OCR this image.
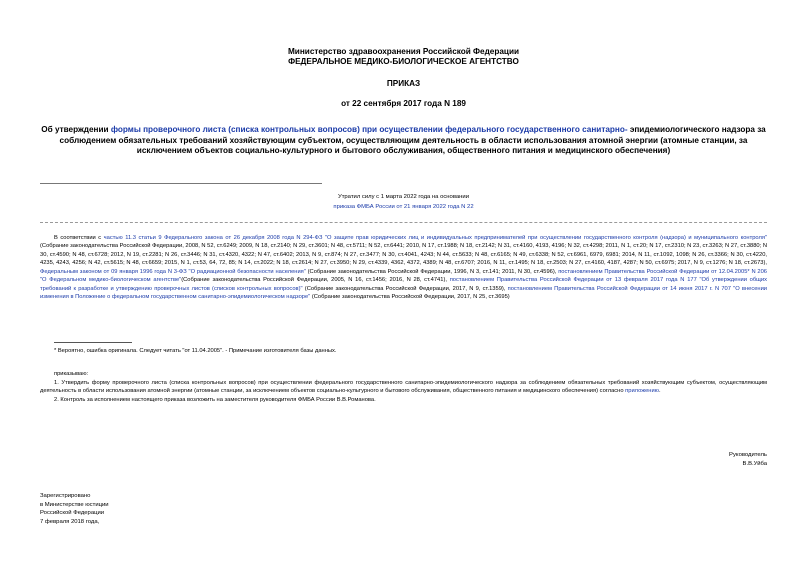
Министерство здравоохранения Российской Федерации
ФЕДЕРАЛЬНОЕ МЕДИКО-БИОЛОГИЧЕСКОЕ АГЕНТСТВО
ПРИКАЗ
от 22 сентября 2017 года N 189
Об утверждении формы проверочного листа (списка контрольных вопросов) при осуществлении федерального государственного санитарно- эпидемиологического надзора за соблюдением обязательных требований хозяйствующим субъектом, осуществляющим деятельность в области использования атомной энергии (атомные станции, за исключением объектов социально-культурного и бытового обслуживания, общественного питания и медицинского обеспечения)
Утратил силу с 1 марта 2022 года на основании
приказа ФМБА России от 21 января 2022 года N 22

В соответствии с частью 11.3 статьи 9 Федерального закона от 26 декабря 2008 года N 294-ФЗ "О защите прав юридических лиц и индивидуальных предпринимателей при осуществлении государственного контроля (надзора) и муниципального контроля" (Собрание законодательства Российской Федерации, 2008, N 52, ст.6249; 2009, N 18, ст.2140; N 29, ст.3601; N 48, ст.5711; N 52, ст.6441; 2010, N 17, ст.1988; N 18, ст.2142; N 31, ст.4160, 4193, 4196; N 32, ст.4298; 2011, N 1, ст.20; N 17, ст.2310; N 23, ст.3263; N 27, ст.3880; N 30, ст.4590; N 48, ст.6728; 2012, N 19, ст.2281; N 26, ст.3446; N 31, ст.4320, 4322; N 47, ст.6402; 2013, N 9, ст.874; N 27, ст.3477; N 30, ст.4041, 4243; N 44, ст.5633; N 48, ст.6165; N 49, ст.6338; N 52, ст.6961, 6979, 6981; 2014, N 11, ст.1092, 1098; N 26, ст.3366; N 30, ст.4220, 4235, 4243, 4256; N 42, ст.5615; N 48, ст.6659; 2015, N 1, ст.53, 64, 72, 85; N 14, ст.2022; N 18, ст.2614; N 27, ст.3950; N 29, ст.4339, 4362, 4372, 4389; N 48, ст.6707; 2016, N 11, ст.1495; N 18, ст.2503; N 27, ст.4160, 4187, 4287; N 50, ст.6975; 2017, N 9, ст.1276; N 18, ст.2673), Федеральным законом от 09 января 1996 года N 3-ФЗ "О радиационной безопасности населения" (Собрание законодательства Российской Федерации, 1996, N 3, ст.141; 2011, N 30, ст.4596), постановлением Правительства Российской Федерации от 12.04.2005* N 206 "О Федеральном медико-биологическом агентстве"(Собрание законодательства Российской Федерации, 2005, N 16, ст.1456; 2016, N 28, ст.4741), постановлением Правительства Российской Федерации от 13 февраля 2017 года N 177 "Об утверждении общих требований к разработке и утверждению проверочных листов (списков контрольных вопросов)" (Собрание законодательства Российской Федерации, 2017, N 9, ст.1359), постановлением Правительства Российской Федерации от 14 июня 2017 г. N 707 "О внесении изменения в Положение о федеральном государственном санитарно-эпидемиологическом надзоре" (Собрание законодательства Российской Федерации, 2017, N 25, ст.3695)

* Вероятно, ошибка оригинала. Следует читать "от 11.04.2005". - Примечание изготовителя базы данных.
приказываю:

1. Утвердить форму проверочного листа (списка контрольных вопросов) при осуществлении федерального государственного санитарно-эпидемиологического надзора за соблюдением обязательных требований хозяйствующим субъектом, осуществляющим деятельность в области использования атомной энергии (атомные станции, за исключением объектов социально-культурного и бытового обслуживания, общественного питания и медицинского обеспечения) согласно приложению.

2. Контроль за исполнением настоящего приказа возложить на заместителя руководителя ФМБА России В.В.Романова.

Руководитель
В.В.Уйба
Зарегистрировано
в Министерстве юстиции
Российской Федерации
7 февраля 2018 года,
